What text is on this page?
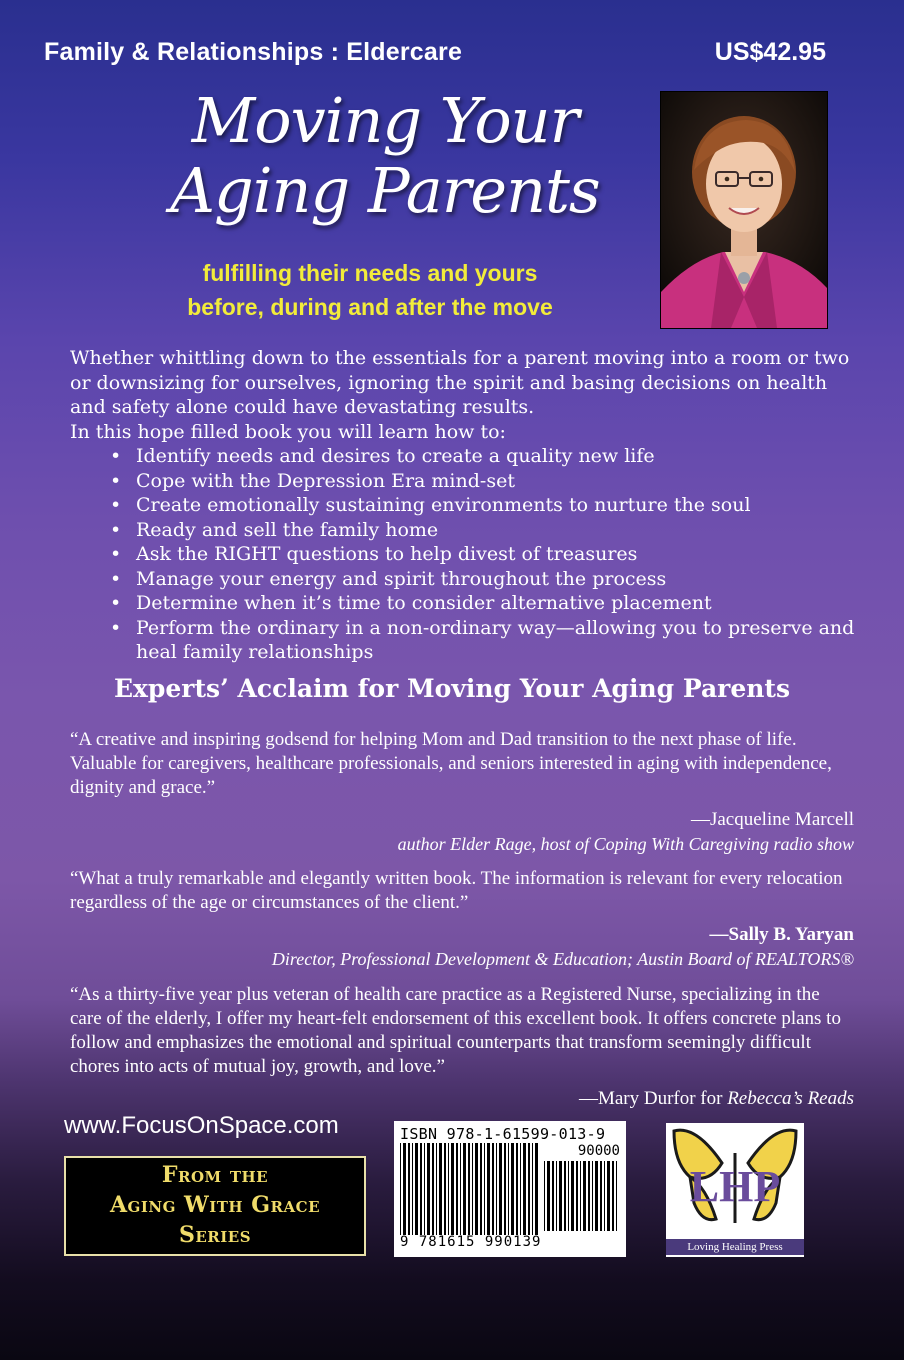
Family & Relationships : Eldercare	US$42.95
Moving Your
Aging Parents
fulfilling their needs and yours
before, during and after the move

Whether whittling down to the essentials for a parent moving into a room or two or downsizing for ourselves, ignoring the spirit and basing decisions on health and safety alone could have devastating results.

In this hope filled book you will learn how to:

• Identify needs and desires to create a quality new life
• Cope with the Depression Era mind-set
• Create emotionally sustaining environments to nurture the soul
• Ready and sell the family home
• Ask the RIGHT questions to help divest of treasures
• Manage your energy and spirit throughout the process
• Determine when it’s time to consider alternative placement
• Perform the ordinary in a non-ordinary way—allowing you to preserve and heal family relationships
Experts’ Acclaim for Moving Your Aging Parents

“A creative and inspiring godsend for helping Mom and Dad transition to the next phase of life. Valuable for caregivers, healthcare professionals, and seniors interested in aging with independence, dignity and grace.”

—Jacqueline Marcell
author Elder Rage, host of Coping With Caregiving radio show

“What a truly remarkable and elegantly written book. The information is relevant for every relocation regardless of the age or circumstances of the client.”

—Sally B. Yaryan
Director, Professional Development & Education; Austin Board of REALTORS®

“As a thirty-five year plus veteran of health care practice as a Registered Nurse, specializing in the care of the elderly, I offer my heart-felt endorsement of this excellent book. It offers concrete plans to follow and emphasizes the emotional and spiritual counterparts that transform seemingly difficult chores into acts of mutual joy, growth, and love.”

—Mary Durfor for Rebecca’s Reads
www.FocusOnSpace.com
From the
Aging With Grace
Series
ISBN 978-1-61599-013-9
90000
9 781615 990139
LHP
Loving Healing Press
